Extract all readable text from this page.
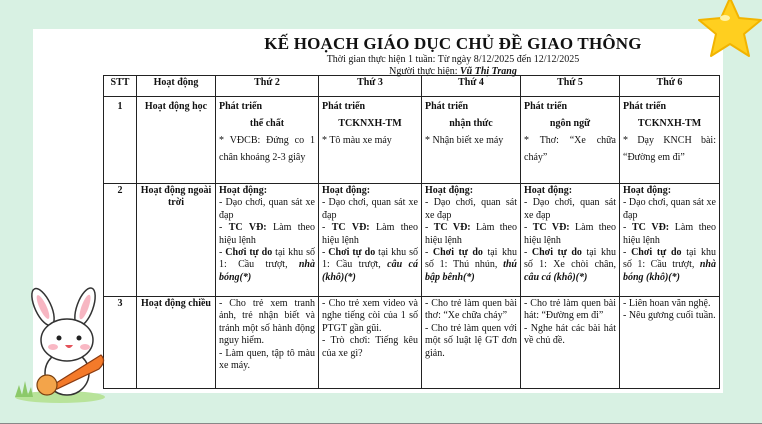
KẾ HOẠCH GIÁO DỤC CHỦ ĐỀ GIAO THÔNG
Thời gian thực hiện 1 tuần: Từ ngày 8/12/2025 đến 12/12/2025
Người thực hiện: Vũ Thị Trang
STT	Hoạt động	Thứ 2	Thứ 3	Thứ 4	Thứ 5	Thứ 6
1	Hoạt động học	Phát triển
thể chất
* VĐCB: Đứng co 1 chân khoảng 2-3 giây	Phát triển
TCKNXH-TM
* Tô màu xe máy	Phát triển
nhận thức
* Nhận biết xe máy	Phát triển
ngôn ngữ
* Thơ: “Xe chữa cháy”	Phát triển
TCKNXH-TM
* Dạy KNCH bài: “Đường em đi”

2	Hoạt động ngoài trời	Hoạt động:
- Dạo chơi, quan sát xe đạp
- TC VĐ: Làm theo hiệu lệnh
- Chơi tự do tại khu số 1: Cầu trượt, nhà bóng(*)	Hoạt động:
- Dạo chơi, quan sát xe đạp
- TC VĐ: Làm theo hiệu lệnh
- Chơi tự do tại khu số 1: Cầu trượt, câu cá (khô)(*)	Hoạt động:
- Dạo chơi, quan sát xe đạp
- TC VĐ: Làm theo hiệu lệnh
- Chơi tự do tại khu số 1: Thú nhún, thú bập bênh(*)	Hoạt động:
- Dạo chơi, quan sát xe đạp
- TC VĐ: Làm theo hiệu lệnh
- Chơi tự do tại khu số 1: Xe chòi chân, câu cá (khô)(*)	Hoạt động:
- Dạo chơi, quan sát xe đạp
- TC VĐ: Làm theo hiệu lệnh
- Chơi tự do tại khu số 1: Cầu trượt, nhà bóng (khô)(*)

3	Hoạt động chiều	- Cho trẻ xem tranh ảnh, trẻ nhận biết và tránh một số hành động nguy hiểm.
- Làm quen, tập tô màu xe máy.	- Cho trẻ xem video và nghe tiếng còi của 1 số PTGT gần gũi.
- Trò chơi: Tiếng kêu của xe gì?	- Cho trẻ làm quen bài thơ: “Xe chữa cháy”
- Cho trẻ làm quen với một số luật lệ GT đơn giản.	- Cho trẻ làm quen bài hát: “Đường em đi”
- Nghe hát các bài hát về chủ đề.	- Liên hoan văn nghệ.
- Nêu gương cuối tuần.
